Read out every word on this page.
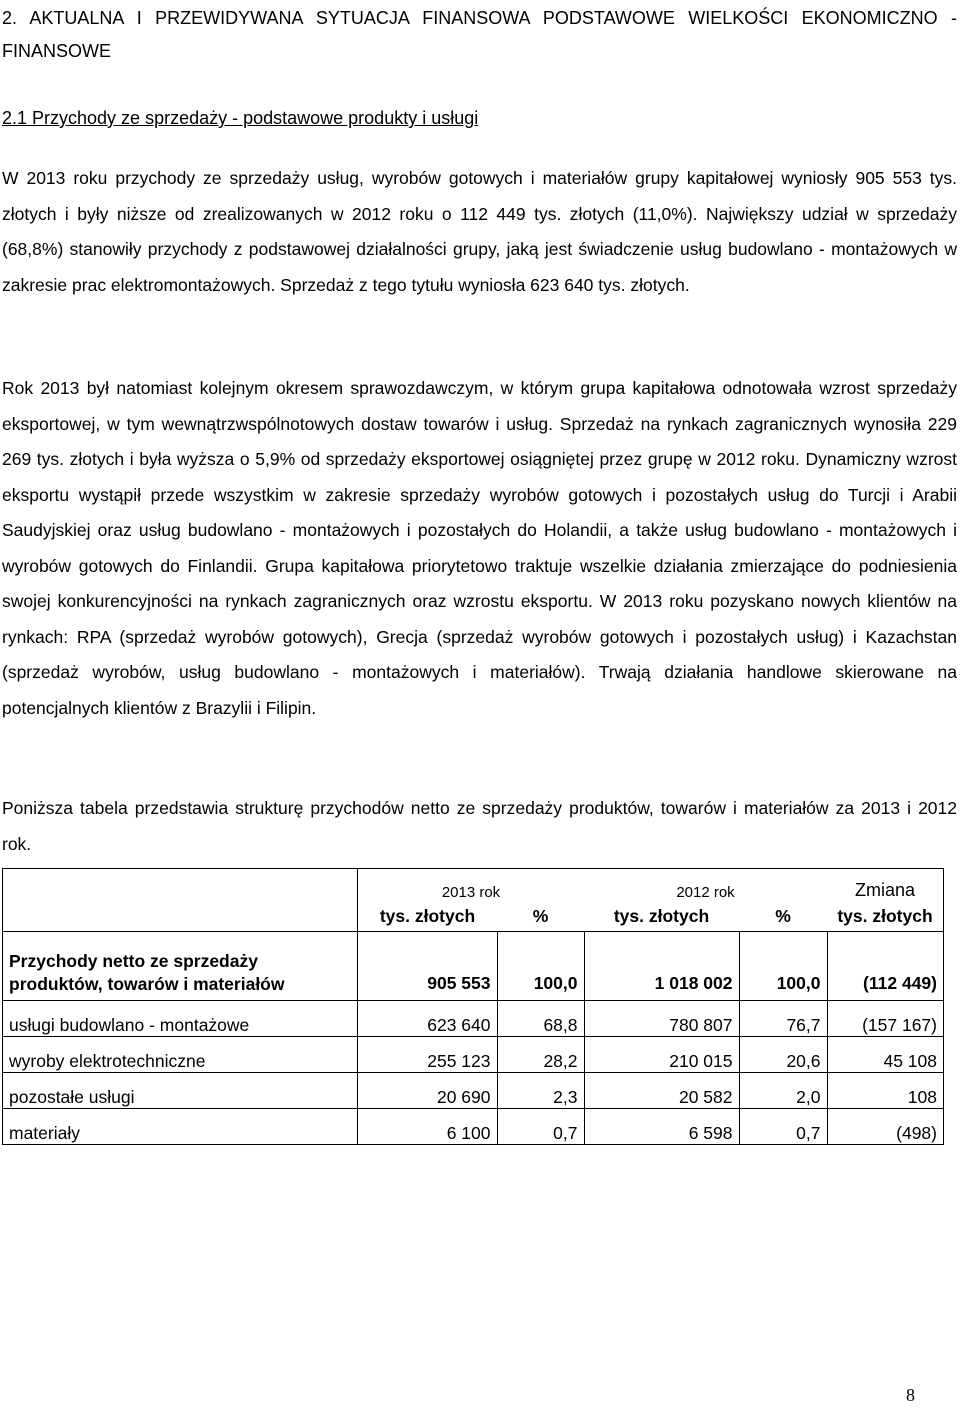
2. AKTUALNA I PRZEWIDYWANA SYTUACJA FINANSOWA PODSTAWOWE WIELKOŚCI EKONOMICZNO - FINANSOWE
2.1 Przychody ze sprzedaży - podstawowe produkty i usługi

W 2013 roku przychody ze sprzedaży usług, wyrobów gotowych i materiałów grupy kapitałowej wyniosły 905 553 tys. złotych i były niższe od zrealizowanych w 2012 roku o 112 449 tys. złotych (11,0%). Największy udział w sprzedaży (68,8%) stanowiły przychody z podstawowej działalności grupy, jaką jest świadczenie usług budowlano - montażowych w zakresie prac elektromontażowych. Sprzedaż z tego tytułu wyniosła 623 640 tys. złotych.

Rok 2013 był natomiast kolejnym okresem sprawozdawczym, w którym grupa kapitałowa odnotowała wzrost sprzedaży eksportowej, w tym wewnątrzwspólnotowych dostaw towarów i usług. Sprzedaż na rynkach zagranicznych wynosiła 229 269 tys. złotych i była wyższa o 5,9% od sprzedaży eksportowej osiągniętej przez grupę w 2012 roku. Dynamiczny wzrost eksportu wystąpił przede wszystkim w zakresie sprzedaży wyrobów gotowych i pozostałych usług do Turcji i Arabii Saudyjskiej oraz usług budowlano - montażowych i pozostałych do Holandii, a także usług budowlano - montażowych i wyrobów gotowych do Finlandii. Grupa kapitałowa priorytetowo traktuje wszelkie działania zmierzające do podniesienia swojej konkurencyjności na rynkach zagranicznych oraz wzrostu eksportu. W 2013 roku pozyskano nowych klientów na rynkach: RPA (sprzedaż wyrobów gotowych), Grecja (sprzedaż wyrobów gotowych i pozostałych usług) i Kazachstan (sprzedaż wyrobów, usług budowlano - montażowych i materiałów). Trwają działania handlowe skierowane na potencjalnych klientów z Brazylii i Filipin.

Poniższa tabela przedstawia strukturę przychodów netto ze sprzedaży produktów, towarów i materiałów za 2013 i 2012 rok.

	2013 rok		2012 rok		Zmiana
	tys. złotych	%	tys. złotych	%	tys. złotych
Przychody netto ze sprzedaży produktów, towarów i materiałów	905 553	100,0	1 018 002	100,0	(112 449)
usługi budowlano - montażowe	623 640	68,8	780 807	76,7	(157 167)
wyroby elektrotechniczne	255 123	28,2	210 015	20,6	45 108
pozostałe usługi	20 690	2,3	20 582	2,0	108
materiały	6 100	0,7	6 598	0,7	(498)
8
